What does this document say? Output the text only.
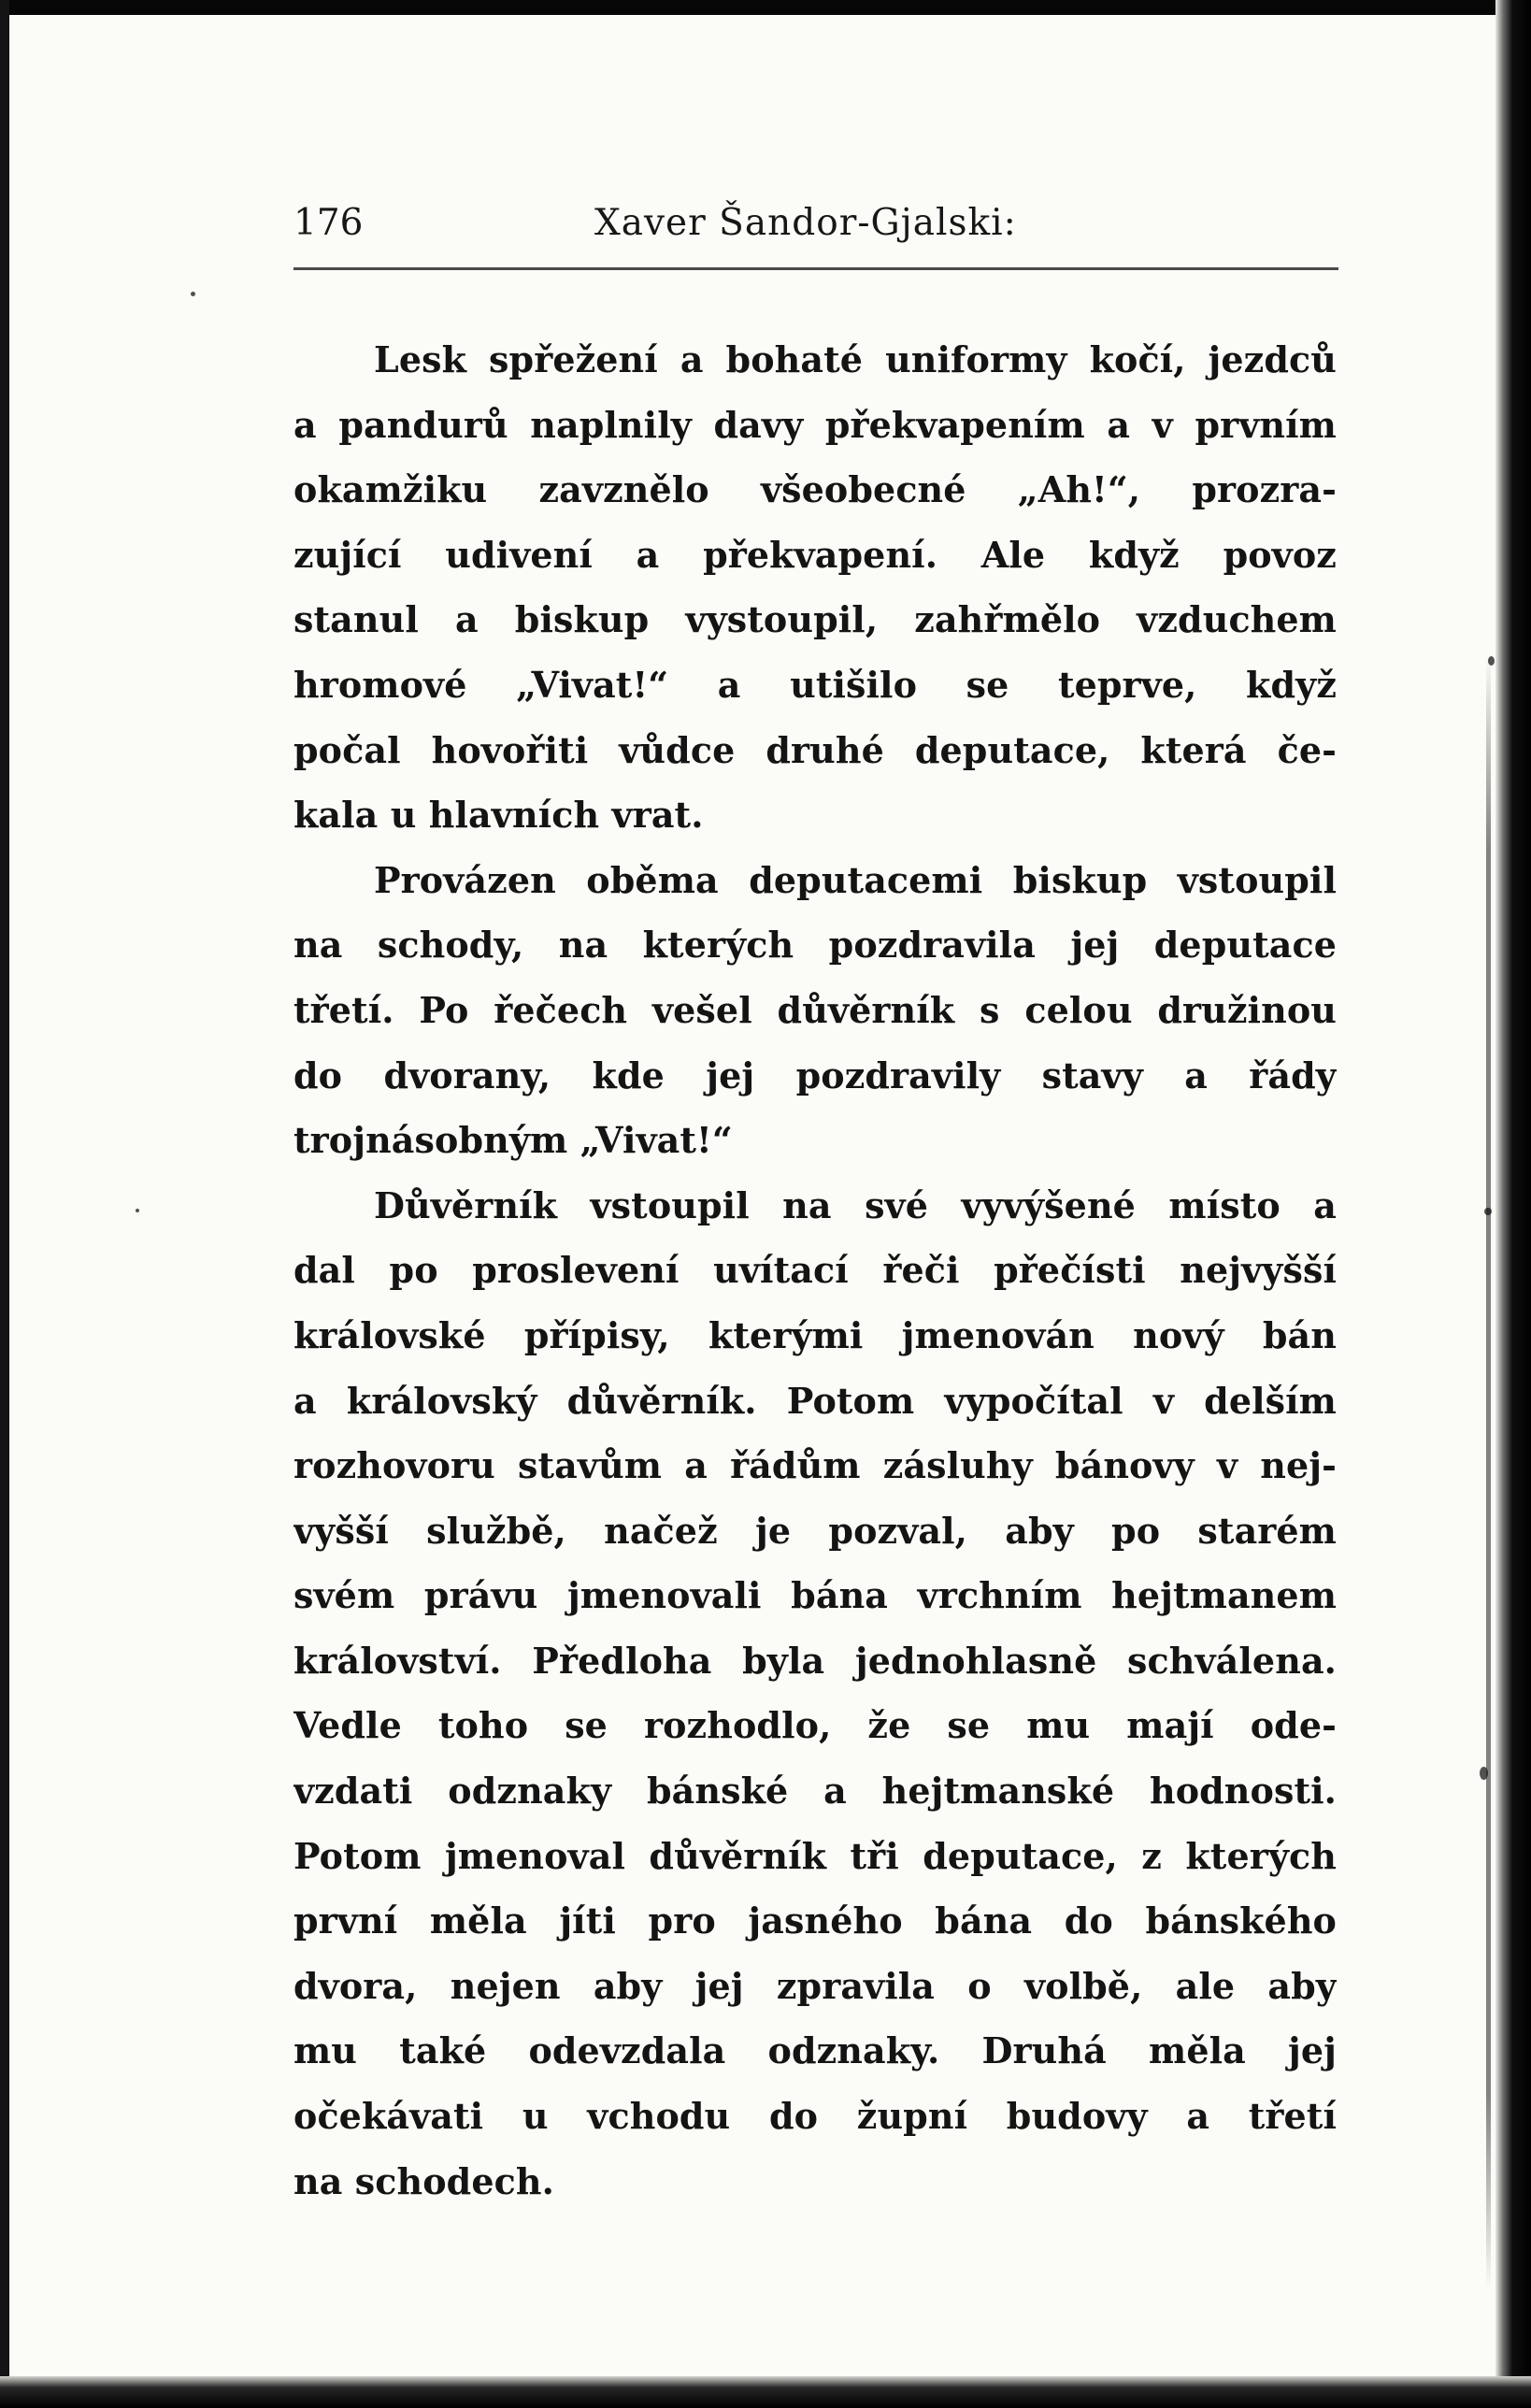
176	Xaver Šandor-Gjalski:
Lesk spřežení a bohaté uniformy kočí, jezdců
a pandurů naplnily davy překvapením a v prvním
okamžiku zavznělo všeobecné „Ah!“, prozra-
zující udivení a překvapení. Ale když povoz
stanul a biskup vystoupil, zahřmělo vzduchem
hromové „Vivat!“ a utišilo se teprve, když
počal hovořiti vůdce druhé deputace, která če-
kala u hlavních vrat.
Provázen oběma deputacemi biskup vstoupil
na schody, na kterých pozdravila jej deputace
třetí. Po řečech vešel důvěrník s celou družinou
do dvorany, kde jej pozdravily stavy a řády
trojnásobným „Vivat!“
Důvěrník vstoupil na své vyvýšené místo a
dal po proslevení uvítací řeči přečísti nejvyšší
královské přípisy, kterými jmenován nový bán
a královský důvěrník. Potom vypočítal v delším
rozhovoru stavům a řádům zásluhy bánovy v nej-
vyšší službě, načež je pozval, aby po starém
svém právu jmenovali bána vrchním hejtmanem
království. Předloha byla jednohlasně schválena.
Vedle toho se rozhodlo, že se mu mají ode-
vzdati odznaky bánské a hejtmanské hodnosti.
Potom jmenoval důvěrník tři deputace, z kterých
první měla jíti pro jasného bána do bánského
dvora, nejen aby jej zpravila o volbě, ale aby
mu také odevzdala odznaky. Druhá měla jej
očekávati u vchodu do župní budovy a třetí
na schodech.
